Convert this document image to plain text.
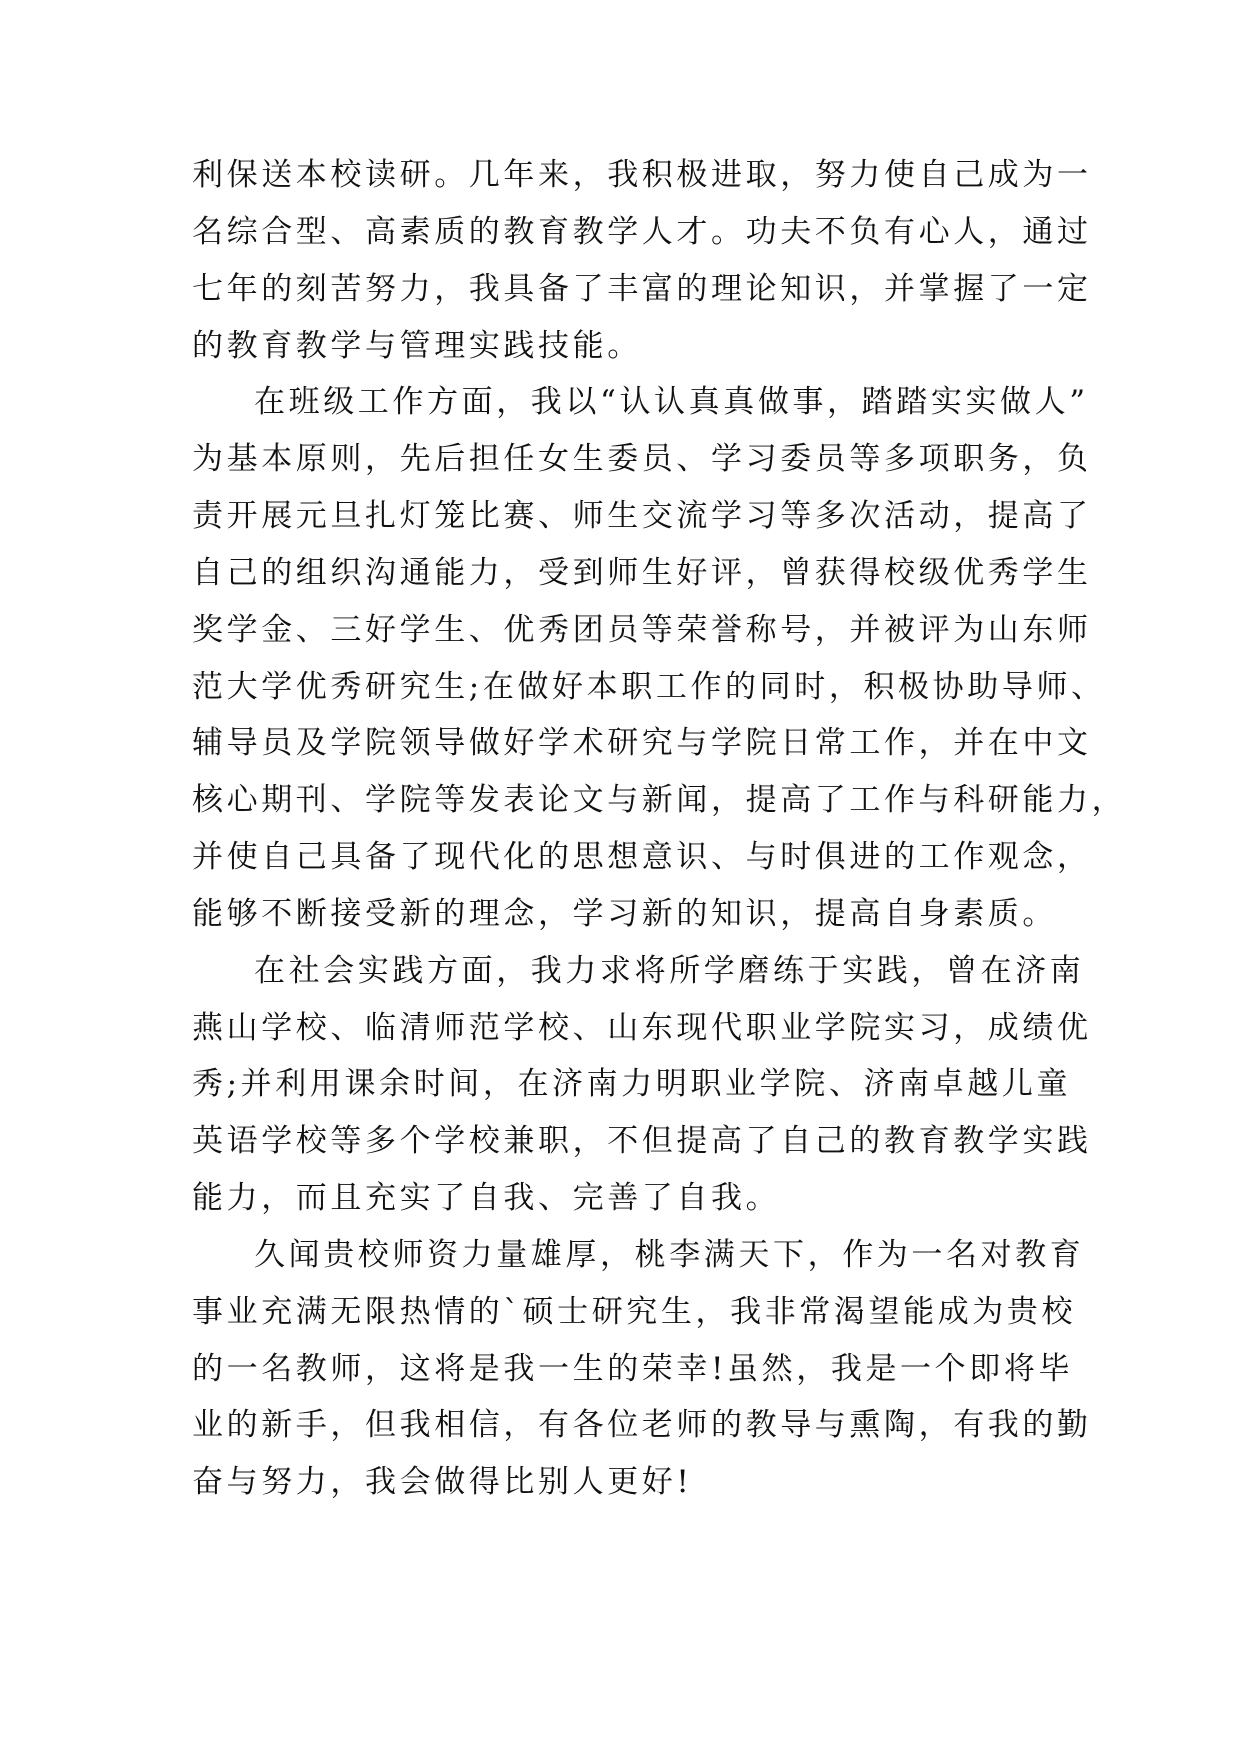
利保送本校读研。几年来，我积极进取，努力使自己成为一
名综合型、高素质的教育教学人才。功夫不负有心人，通过
七年的刻苦努力，我具备了丰富的理论知识，并掌握了一定
的教育教学与管理实践技能。
在班级工作方面，我以“认认真真做事，踏踏实实做人”
为基本原则，先后担任女生委员、学习委员等多项职务，负
责开展元旦扎灯笼比赛、师生交流学习等多次活动，提高了
自己的组织沟通能力，受到师生好评，曾获得校级优秀学生
奖学金、三好学生、优秀团员等荣誉称号，并被评为山东师
范大学优秀研究生;在做好本职工作的同时，积极协助导师、
辅导员及学院领导做好学术研究与学院日常工作，并在中文
核心期刊、学院等发表论文与新闻，提高了工作与科研能力，
并使自己具备了现代化的思想意识、与时俱进的工作观念，
能够不断接受新的理念，学习新的知识，提高自身素质。
在社会实践方面，我力求将所学磨练于实践，曾在济南
燕山学校、临清师范学校、山东现代职业学院实习，成绩优
秀;并利用课余时间，在济南力明职业学院、济南卓越儿童
英语学校等多个学校兼职，不但提高了自己的教育教学实践
能力，而且充实了自我、完善了自我。
久闻贵校师资力量雄厚，桃李满天下，作为一名对教育
事业充满无限热情的`硕士研究生，我非常渴望能成为贵校
的一名教师，这将是我一生的荣幸!虽然，我是一个即将毕
业的新手，但我相信，有各位老师的教导与熏陶，有我的勤
奋与努力，我会做得比别人更好!
